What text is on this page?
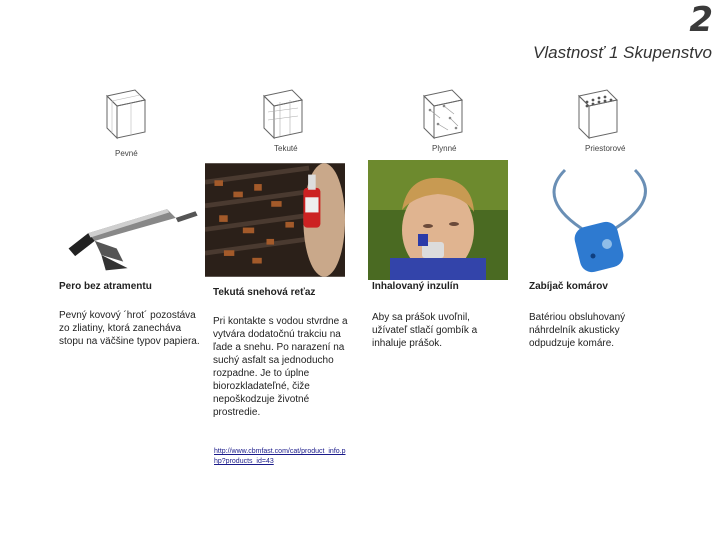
2
Vlastnosť 1 Skupenstvo
Pevné
Pero bez atramentu
Pevný kovový ´hrot´ pozostáva zo zliatiny, ktorá zanecháva stopu na väčšine typov papiera.
Tekuté
Tekutá snehová reťaz
Pri kontakte s vodou stvrdne a vytvára dodatočnú trakciu na ľade a snehu. Po narazení na suchý asfalt sa jednoducho rozpadne. Je to úplne biorozkladateľné, čiže nepoškodzuje životné prostredie.
http://www.cbmfast.com/cat/product_info.php?products_id=43
Plynné
Inhalovaný inzulín
Aby sa prášok uvoľnil, užívateľ stlačí gombík a inhaluje prášok.
Priestorové
Zabíjač komárov
Batériou obsluhovaný náhrdelník akusticky odpudzuje komáre.
